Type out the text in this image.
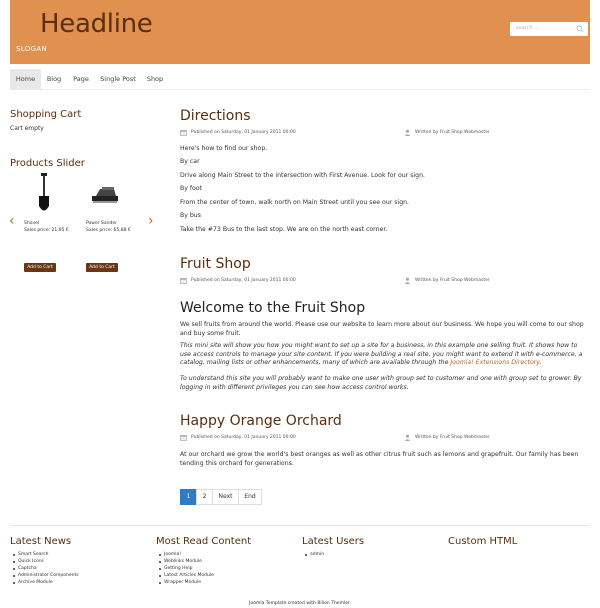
Headline
SLOGAN
search ...
Home	Blog	Page	Single Post	Shop
Shopping Cart
Cart empty
Products Slider
‹	›
Shovel
Sales price: 21,95 €
Power Sander
Sales price: 65,88 €
Add to Cart	Add to Cart
Directions
Published on Saturday, 01 January 2011 00:00	Written by Fruit Shop Webmaster
Here's how to find our shop.
By car
Drive along Main Street to the intersection with First Avenue. Look for our sign.
By foot
From the center of town, walk north on Main Street until you see our sign.
By bus
Take the #73 Bus to the last stop. We are on the north east corner.
Fruit Shop
Published on Saturday, 01 January 2011 00:00	Written by Fruit Shop Webmaster
Welcome to the Fruit Shop
We sell fruits from around the world. Please use our website to learn more about our business. We hope you will come to our shop and buy some fruit.
This mini site will show you how you might want to set up a site for a business, in this example one selling fruit. It shows how to use access controls to manage your site content. If you were building a real site, you might want to extend it with e-commerce, a catalog, mailing lists or other enhancements, many of which are available through the Joomla! Extensions Directory.
To understand this site you will probably want to make one user with group set to customer and one with group set to grower. By logging in with different privileges you can see how access control works.
Happy Orange Orchard
Published on Saturday, 01 January 2011 00:00	Written by Fruit Shop Webmaster
At our orchard we grow the world's best oranges as well as other citrus fruit such as lemons and grapefruit. Our family has been tending this orchard for generations.
1	2	Next	End
Latest News
Smart Search
Quick Icons
Captcha
Administrator Components
Archive Module
Most Read Content
Joomla!
Weblinks Module
Getting Help
Latest Articles Module
Wrapper Module
Latest Users
admin
Custom HTML
Joomla Template created with Bilion Themler.
